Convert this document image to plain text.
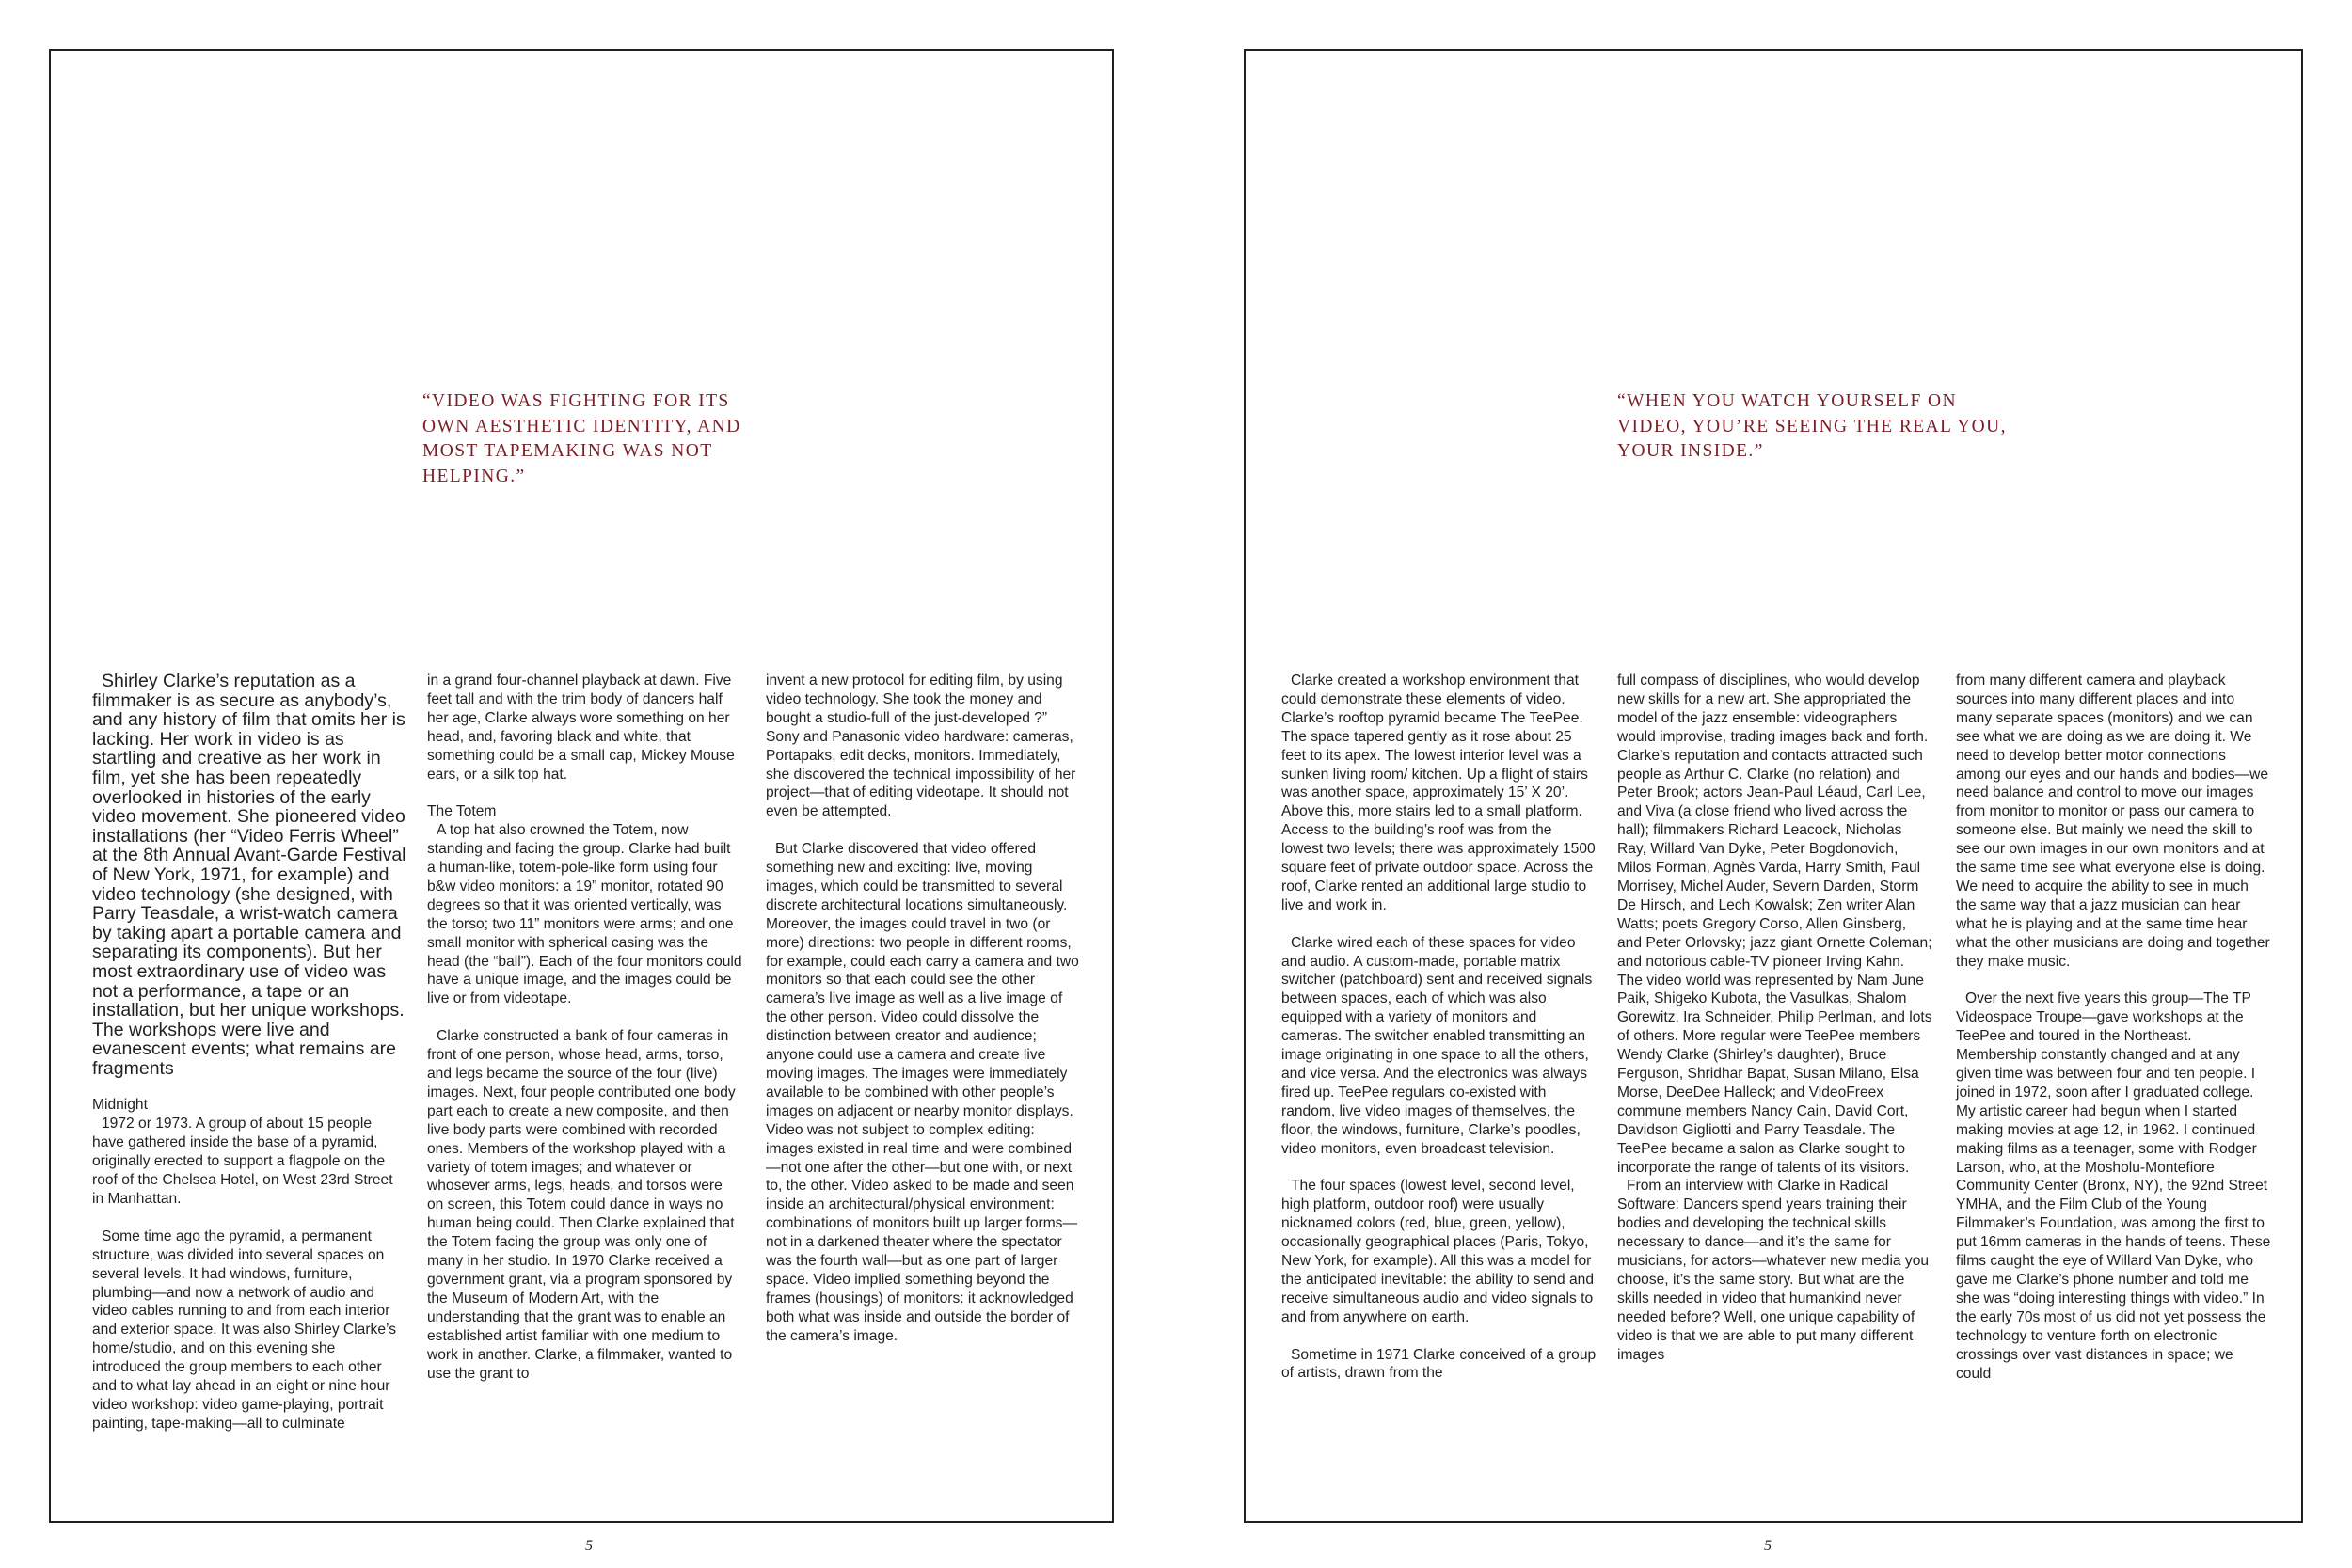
“VIDEO WAS FIGHTING FOR ITS OWN AESTHETIC IDENTITY, AND MOST TAPEMAKING WAS NOT HELPING.”

Shirley Clarke’s reputation as a filmmaker is as secure as anybody’s, and any history of film that omits her is lacking. Her work in video is as startling and creative as her work in film, yet she has been repeatedly overlooked in histories of the early video movement. She pioneered video installations (her “Video Ferris Wheel” at the 8th Annual Avant-Garde Festival of New York, 1971, for example) and video technology (she designed, with Parry Teasdale, a wrist-watch camera by taking apart a portable camera and separating its components). But her most extraordinary use of video was not a performance, a tape or an installation, but her unique workshops. The workshops were live and evanescent events; what remains are fragments

Midnight

1972 or 1973. A group of about 15 people have gathered inside the base of a pyramid, originally erected to support a flagpole on the roof of the Chelsea Hotel, on West 23rd Street in Manhattan.

Some time ago the pyramid, a permanent structure, was divided into several spaces on several levels. It had windows, furniture, plumbing—and now a network of audio and video cables running to and from each interior and exterior space. It was also Shirley Clarke’s home/studio, and on this evening she introduced the group members to each other and to what lay ahead in an eight or nine hour video workshop: video game-playing, portrait painting, tape-making—all to culminate

in a grand four-channel playback at dawn. Five feet tall and with the trim body of dancers half her age, Clarke always wore something on her head, and, favoring black and white, that something could be a small cap, Mickey Mouse ears, or a silk top hat.

The Totem

A top hat also crowned the Totem, now standing and facing the group. Clarke had built a human-like, totem-pole-like form using four b&w video monitors: a 19” monitor, rotated 90 degrees so that it was oriented vertically, was the torso; two 11” monitors were arms; and one small monitor with spherical casing was the head (the “ball”). Each of the four monitors could have a unique image, and the images could be live or from videotape.

Clarke constructed a bank of four cameras in front of one person, whose head, arms, torso, and legs became the source of the four (live) images. Next, four people contributed one body part each to create a new composite, and then live body parts were combined with recorded ones. Members of the workshop played with a variety of totem images; and whatever or whosever arms, legs, heads, and torsos were on screen, this Totem could dance in ways no human being could. Then Clarke explained that the Totem facing the group was only one of many in her studio. In 1970 Clarke received a government grant, via a program sponsored by the Museum of Modern Art, with the understanding that the grant was to enable an established artist familiar with one medium to work in another. Clarke, a filmmaker, wanted to use the grant to

invent a new protocol for editing film, by using video technology. She took the money and bought a studio-full of the just-developed ?” Sony and Panasonic video hardware: cameras, Portapaks, edit decks, monitors. Immediately, she discovered the technical impossibility of her project—that of editing videotape. It should not even be attempted.

But Clarke discovered that video offered something new and exciting: live, moving images, which could be transmitted to several discrete architectural locations simultaneously. Moreover, the images could travel in two (or more) directions: two people in different rooms, for example, could each carry a camera and two monitors so that each could see the other camera’s live image as well as a live image of the other person. Video could dissolve the distinction between creator and audience; anyone could use a camera and create live moving images. The images were immediately available to be combined with other people’s images on adjacent or nearby monitor displays. Video was not subject to complex editing: images existed in real time and were combined—not one after the other—but one with, or next to, the other. Video asked to be made and seen inside an architectural/physical environment: combinations of monitors built up larger forms—not in a darkened theater where the spectator was the fourth wall—but as one part of larger space. Video implied something beyond the frames (housings) of monitors: it acknowledged both what was inside and outside the border of the camera’s image.

5
“WHEN YOU WATCH YOURSELF ON VIDEO, YOU’RE SEEING THE REAL YOU, YOUR INSIDE.”

Clarke created a workshop environment that could demonstrate these elements of video. Clarke’s rooftop pyramid became The TeePee. The space tapered gently as it rose about 25 feet to its apex. The lowest interior level was a sunken living room/ kitchen. Up a flight of stairs was another space, approximately 15’ X 20’. Above this, more stairs led to a small platform. Access to the building’s roof was from the lowest two levels; there was approximately 1500 square feet of private outdoor space. Across the roof, Clarke rented an additional large studio to live and work in.

Clarke wired each of these spaces for video and audio. A custom-made, portable matrix switcher (patchboard) sent and received signals between spaces, each of which was also equipped with a variety of monitors and cameras. The switcher enabled transmitting an image originating in one space to all the others, and vice versa. And the electronics was always fired up. TeePee regulars co-existed with random, live video images of themselves, the floor, the windows, furniture, Clarke’s poodles, video monitors, even broadcast television.

The four spaces (lowest level, second level, high platform, outdoor roof) were usually nicknamed colors (red, blue, green, yellow), occasionally geographical places (Paris, Tokyo, New York, for example). All this was a model for the anticipated inevitable: the ability to send and receive simultaneous audio and video signals to and from anywhere on earth.

Sometime in 1971 Clarke conceived of a group of artists, drawn from the

full compass of disciplines, who would develop new skills for a new art. She appropriated the model of the jazz ensemble: videographers would improvise, trading images back and forth. Clarke’s reputation and contacts attracted such people as Arthur C. Clarke (no relation) and Peter Brook; actors Jean-Paul Léaud, Carl Lee, and Viva (a close friend who lived across the hall); filmmakers Richard Leacock, Nicholas Ray, Willard Van Dyke, Peter Bogdonovich, Milos Forman, Agnès Varda, Harry Smith, Paul Morrisey, Michel Auder, Severn Darden, Storm De Hirsch, and Lech Kowalsk; Zen writer Alan Watts; poets Gregory Corso, Allen Ginsberg, and Peter Orlovsky; jazz giant Ornette Coleman; and notorious cable-TV pioneer Irving Kahn. The video world was represented by Nam June Paik, Shigeko Kubota, the Vasulkas, Shalom Gorewitz, Ira Schneider, Philip Perlman, and lots of others. More regular were TeePee members Wendy Clarke (Shirley’s daughter), Bruce Ferguson, Shridhar Bapat, Susan Milano, Elsa Morse, DeeDee Halleck; and VideoFreex commune members Nancy Cain, David Cort, Davidson Gigliotti and Parry Teasdale. The TeePee became a salon as Clarke sought to incorporate the range of talents of its visitors.

From an interview with Clarke in Radical Software: Dancers spend years training their bodies and developing the technical skills necessary to dance—and it’s the same for musicians, for actors—whatever new media you choose, it’s the same story. But what are the skills needed in video that humankind never needed before? Well, one unique capability of video is that we are able to put many different images

from many different camera and playback sources into many different places and into many separate spaces (monitors) and we can see what we are doing as we are doing it. We need to develop better motor connections among our eyes and our hands and bodies—we need balance and control to move our images from monitor to monitor or pass our camera to someone else. But mainly we need the skill to see our own images in our own monitors and at the same time see what everyone else is doing. We need to acquire the ability to see in much the same way that a jazz musician can hear what he is playing and at the same time hear what the other musicians are doing and together they make music.

Over the next five years this group—The TP Videospace Troupe—gave workshops at the TeePee and toured in the Northeast. Membership constantly changed and at any given time was between four and ten people. I joined in 1972, soon after I graduated college. My artistic career had begun when I started making movies at age 12, in 1962. I continued making films as a teenager, some with Rodger Larson, who, at the Mosholu-Montefiore Community Center (Bronx, NY), the 92nd Street YMHA, and the Film Club of the Young Filmmaker’s Foundation, was among the first to put 16mm cameras in the hands of teens. These films caught the eye of Willard Van Dyke, who gave me Clarke’s phone number and told me she was “doing interesting things with video.” In the early 70s most of us did not yet possess the technology to venture forth on electronic crossings over vast distances in space; we could

5
